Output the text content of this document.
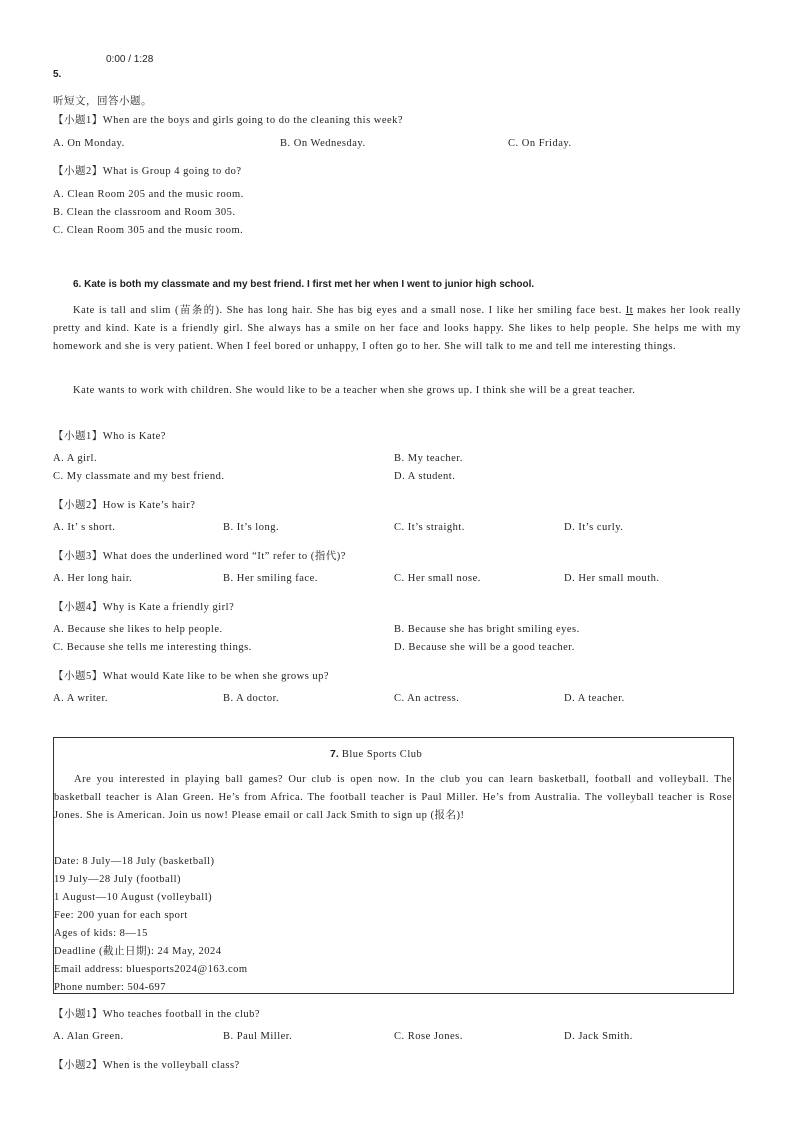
0:00 / 1:28
5.
听短文，回答小题。
【小题1】When are the boys and girls going to do the cleaning this week?
A. On Monday.	B. On Wednesday.	C. On Friday.
【小题2】What is Group 4 going to do?
A. Clean Room 205 and the music room.
B. Clean the classroom and Room 305.
C. Clean Room 305 and the music room.
6. Kate is both my classmate and my best friend. I first met her when I went to junior high school.
Kate is tall and slim (苗条的). She has long hair. She has big eyes and a small nose. I like her smiling face best. It makes her look really pretty and kind. Kate is a friendly girl. She always has a smile on her face and looks happy. She likes to help people. She helps me with my homework and she is very patient. When I feel bored or unhappy, I often go to her. She will talk to me and tell me interesting things.
Kate wants to work with children. She would like to be a teacher when she grows up. I think she will be a great teacher.
【小题1】Who is Kate?
A. A girl.	B. My teacher.
C. My classmate and my best friend.	D. A student.
【小题2】How is Kate’s hair?
A. It’ s short.	B. It’s long.	C. It’s straight.	D. It’s curly.
【小题3】What does the underlined word “It” refer to (指代)?
A. Her long hair.	B. Her smiling face.	C. Her small nose.	D. Her small mouth.
【小题4】Why is Kate a friendly girl?
A. Because she likes to help people.	B. Because she has bright smiling eyes.
C. Because she tells me interesting things.	D. Because she will be a good teacher.
【小题5】What would Kate like to be when she grows up?
A. A writer.	B. A doctor.	C. An actress.	D. A teacher.
7. Blue Sports Club
Are you interested in playing ball games? Our club is open now. In the club you can learn basketball, football and volleyball. The basketball teacher is Alan Green. He’s from Africa. The football teacher is Paul Miller. He’s from Australia. The volleyball teacher is Rose Jones. She is American. Join us now! Please email or call Jack Smith to sign up (报名)!
Date: 8 July—18 July (basketball)
19 July—28 July (football)
1 August—10 August (volleyball)
Fee: 200 yuan for each sport
Ages of kids: 8—15
Deadline (截止日期): 24 May, 2024
Email address: bluesports2024@163.com
Phone number: 504-697
【小题1】Who teaches football in the club?
A. Alan Green.	B. Paul Miller.	C. Rose Jones.	D. Jack Smith.
【小题2】When is the volleyball class?
